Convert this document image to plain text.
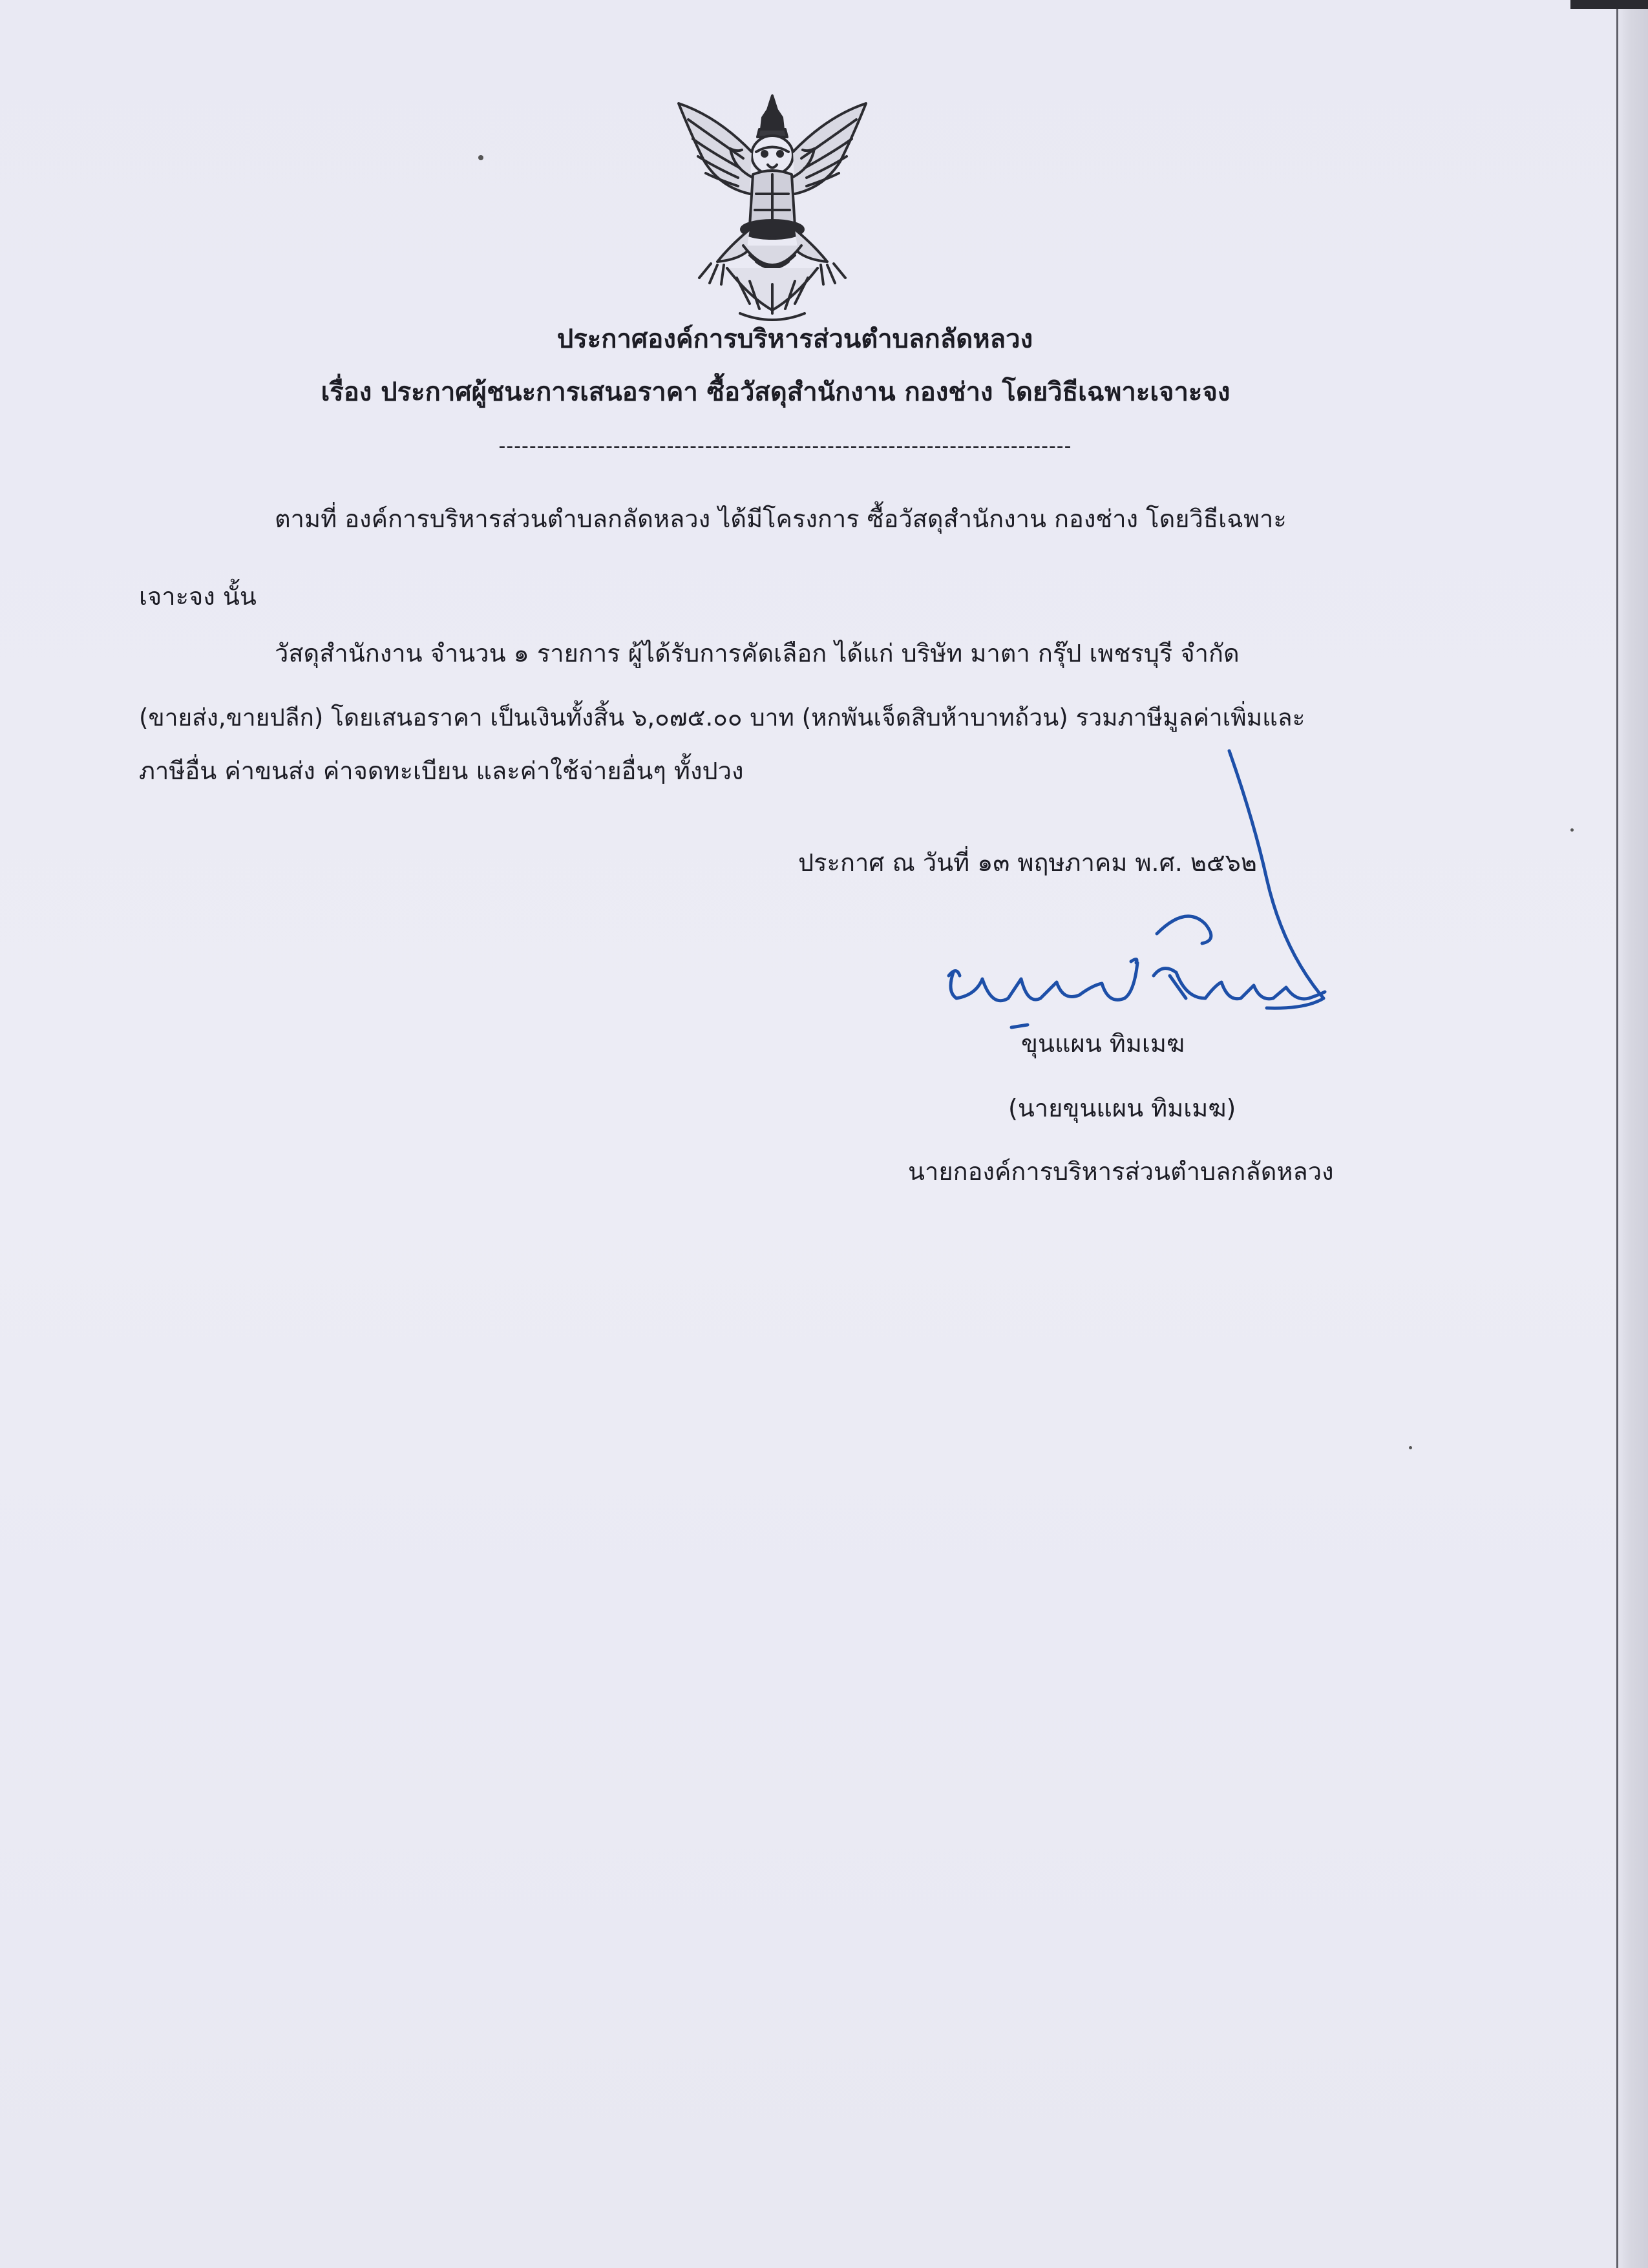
ประกาศองค์การบริหารส่วนตำบลกลัดหลวง
เรื่อง ประกาศผู้ชนะการเสนอราคา ซื้อวัสดุสำนักงาน กองช่าง โดยวิธีเฉพาะเจาะจง
---------------------------------------------------------------------------
ตามที่ องค์การบริหารส่วนตำบลกลัดหลวง ได้มีโครงการ ซื้อวัสดุสำนักงาน กองช่าง โดยวิธีเฉพาะ
เจาะจง นั้น
วัสดุสำนักงาน จำนวน ๑ รายการ ผู้ได้รับการคัดเลือก ได้แก่ บริษัท มาตา กรุ๊ป เพชรบุรี จำกัด
(ขายส่ง,ขายปลีก) โดยเสนอราคา เป็นเงินทั้งสิ้น ๖,๐๗๕.๐๐ บาท (หกพันเจ็ดสิบห้าบาทถ้วน) รวมภาษีมูลค่าเพิ่มและ
ภาษีอื่น ค่าขนส่ง ค่าจดทะเบียน และค่าใช้จ่ายอื่นๆ ทั้งปวง
ประกาศ ณ วันที่ ๑๓ พฤษภาคม พ.ศ. ๒๕๖๒
ขุนแผน ทิมเมฆ
(นายขุนแผน ทิมเมฆ)
นายกองค์การบริหารส่วนตำบลกลัดหลวง
